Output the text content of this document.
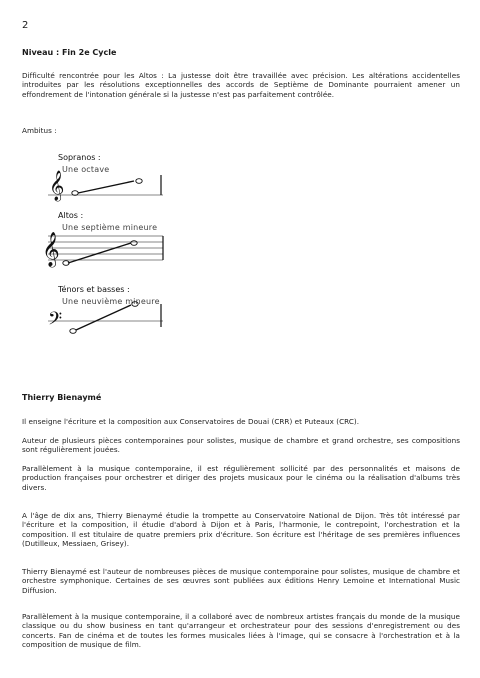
2
Niveau : Fin 2e Cycle

Difficulté rencontrée pour les Altos : La justesse doit être travaillée avec précision. Les altérations accidentelles introduites par les résolutions exceptionnelles des accords de Septième de Dominante pourraient amener un effondrement de l'intonation générale si la justesse n'est pas parfaitement contrôlée.

Ambitus :

Sopranos :
Une octave
Altos :
Une septième mineure
Ténors et basses :
Une neuvième mineure
𝄞
𝄞
𝄢
Thierry Bienaymé

Il enseigne l'écriture et la composition aux Conservatoires de Douai (CRR) et Puteaux (CRC).

Auteur de plusieurs pièces contemporaines pour solistes, musique de chambre et grand orchestre, ses compositions sont régulièrement jouées.

Parallèlement à la musique contemporaine, il est régulièrement sollicité par des personnalités et maisons de production françaises pour orchestrer et diriger des projets musicaux pour le cinéma ou la réalisation d'albums très divers.

A l'âge de dix ans, Thierry Bienaymé étudie la trompette au Conservatoire National de Dijon. Très tôt intéressé par l'écriture et la composition, il étudie d'abord à Dijon et à Paris, l'harmonie, le contrepoint, l'orchestration et la composition. Il est titulaire de quatre premiers prix d'écriture. Son écriture est l'héritage de ses premières influences (Dutilleux, Messiaen, Grisey).

Thierry Bienaymé est l'auteur de nombreuses pièces de musique contemporaine pour solistes, musique de chambre et orchestre symphonique. Certaines de ses œuvres sont publiées aux éditions Henry Lemoine et International Music Diffusion.

Parallèlement à la musique contemporaine, il a collaboré avec de nombreux artistes français du monde de la musique classique ou du show business en tant qu'arrangeur et orchestrateur pour des sessions d'enregistrement ou des concerts. Fan de cinéma et de toutes les formes musicales liées à l'image, qui se consacre à l'orchestration et à la composition de musique de film.
